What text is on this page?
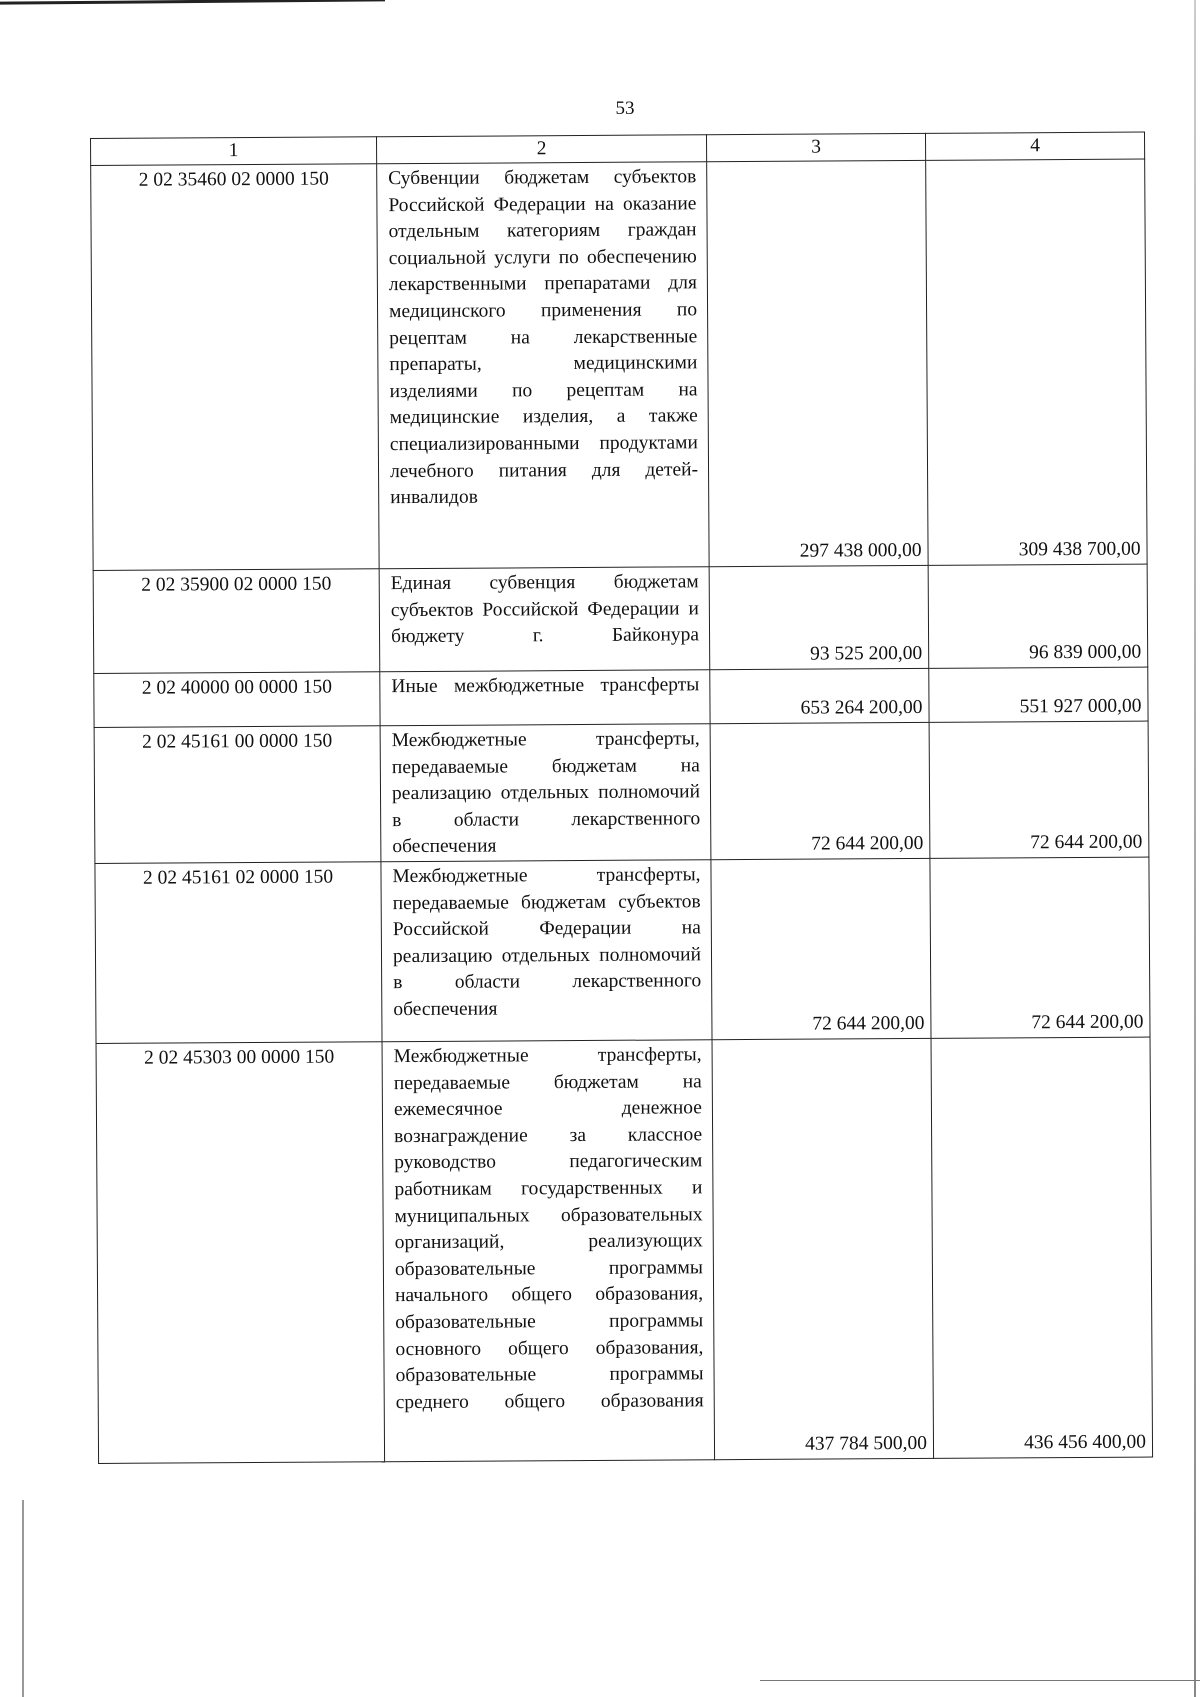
53
1	2	3	4
2 02 35460 02 0000 150	Субвенции бюджетам субъектов Российской Федерации на оказание отдельным категориям граждан социальной услуги по обеспечению лекарственными препаратами для медицинского применения по рецептам на лекарственные препараты, медицинскими изделиями по рецептам на медицинские изделия, а также специализированными продуктами лечебного питания для детей-инвалидов	297 438 000,00	309 438 700,00
2 02 35900 02 0000 150	Единая субвенция бюджетам субъектов Российской Федерации и бюджету г. Байконура	93 525 200,00	96 839 000,00
2 02 40000 00 0000 150	Иные межбюджетные трансферты	653 264 200,00	551 927 000,00
2 02 45161 00 0000 150	Межбюджетные трансферты, передаваемые бюджетам на реализацию отдельных полномочий в области лекарственного обеспечения	72 644 200,00	72 644 200,00
2 02 45161 02 0000 150	Межбюджетные трансферты, передаваемые бюджетам субъектов Российской Федерации на реализацию отдельных полномочий в области лекарственного обеспечения	72 644 200,00	72 644 200,00
2 02 45303 00 0000 150	Межбюджетные трансферты, передаваемые бюджетам на ежемесячное денежное вознаграждение за классное руководство педагогическим работникам государственных и муниципальных образовательных организаций, реализующих образовательные программы начального общего образования, образовательные программы основного общего образования, образовательные программы среднего общего образования	437 784 500,00	436 456 400,00
